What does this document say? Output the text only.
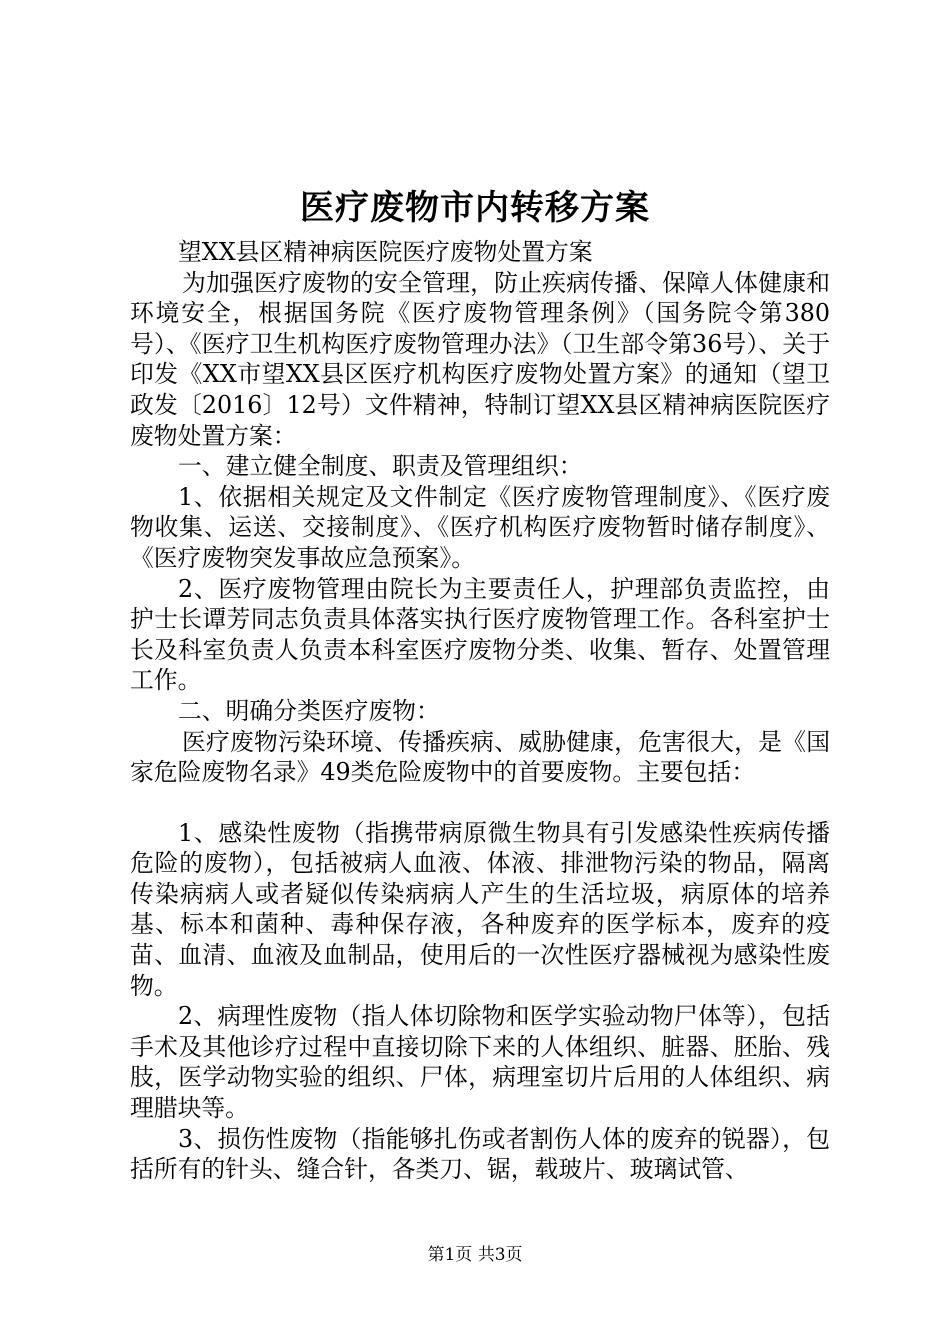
医疗废物市内转移方案

望XX县区精神病医院医疗废物处置方案

为加强医疗废物的安全管理，防止疾病传播、保障人体健康和环境安全，根据国务院《医疗废物管理条例》（国务院令第380号）、《医疗卫生机构医疗废物管理办法》（卫生部令第36号）、关于印发《XX市望XX县区医疗机构医疗废物处置方案》的通知（望卫政发〔2016〕12号）文件精神，特制订望XX县区精神病医院医疗废物处置方案：

一、建立健全制度、职责及管理组织：

1、依据相关规定及文件制定《医疗废物管理制度》、《医疗废物收集、运送、交接制度》、《医疗机构医疗废物暂时储存制度》、《医疗废物突发事故应急预案》。

2、医疗废物管理由院长为主要责任人，护理部负责监控，由护士长谭芳同志负责具体落实执行医疗废物管理工作。各科室护士长及科室负责人负责本科室医疗废物分类、收集、暂存、处置管理工作。

二、明确分类医疗废物：

医疗废物污染环境、传播疾病、威胁健康，危害很大，是《国家危险废物名录》49类危险废物中的首要废物。主要包括：

1、感染性废物（指携带病原微生物具有引发感染性疾病传播危险的废物），包括被病人血液、体液、排泄物污染的物品，隔离传染病病人或者疑似传染病病人产生的生活垃圾，病原体的培养基、标本和菌种、毒种保存液，各种废弃的医学标本，废弃的疫苗、血清、血液及血制品，使用后的一次性医疗器械视为感染性废物。

2、病理性废物（指人体切除物和医学实验动物尸体等），包括手术及其他诊疗过程中直接切除下来的人体组织、脏器、胚胎、残肢，医学动物实验的组织、尸体，病理室切片后用的人体组织、病理腊块等。

3、损伤性废物（指能够扎伤或者割伤人体的废弃的锐器），包括所有的针头、缝合针，各类刀、锯，载玻片、玻璃试管、

第1页 共3页
